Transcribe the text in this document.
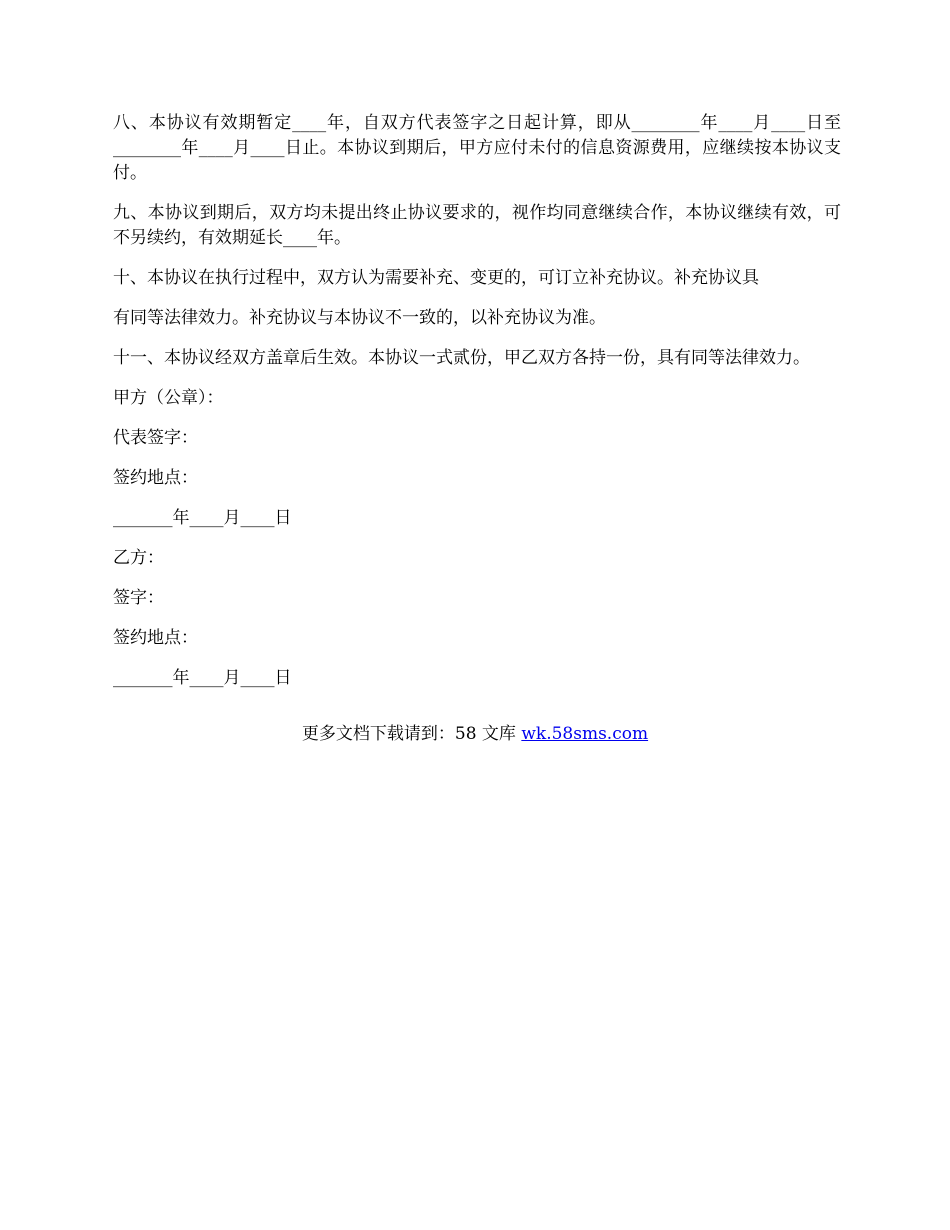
八、本协议有效期暂定____年，自双方代表签字之日起计算，即从________年____月____日至________年____月____日止。本协议到期后，甲方应付未付的信息资源费用，应继续按本协议支付。

九、本协议到期后，双方均未提出终止协议要求的，视作均同意继续合作，本协议继续有效，可不另续约，有效期延长____年。

十、本协议在执行过程中，双方认为需要补充、变更的，可订立补充协议。补充协议具

有同等法律效力。补充协议与本协议不一致的，以补充协议为准。

十一、本协议经双方盖章后生效。本协议一式贰份，甲乙双方各持一份，具有同等法律效力。

甲方（公章）：

代表签字：

签约地点：

_______年____月____日

乙方：

签字：

签约地点：

_______年____月____日

更多文档下载请到：58 文库 wk.58sms.com
